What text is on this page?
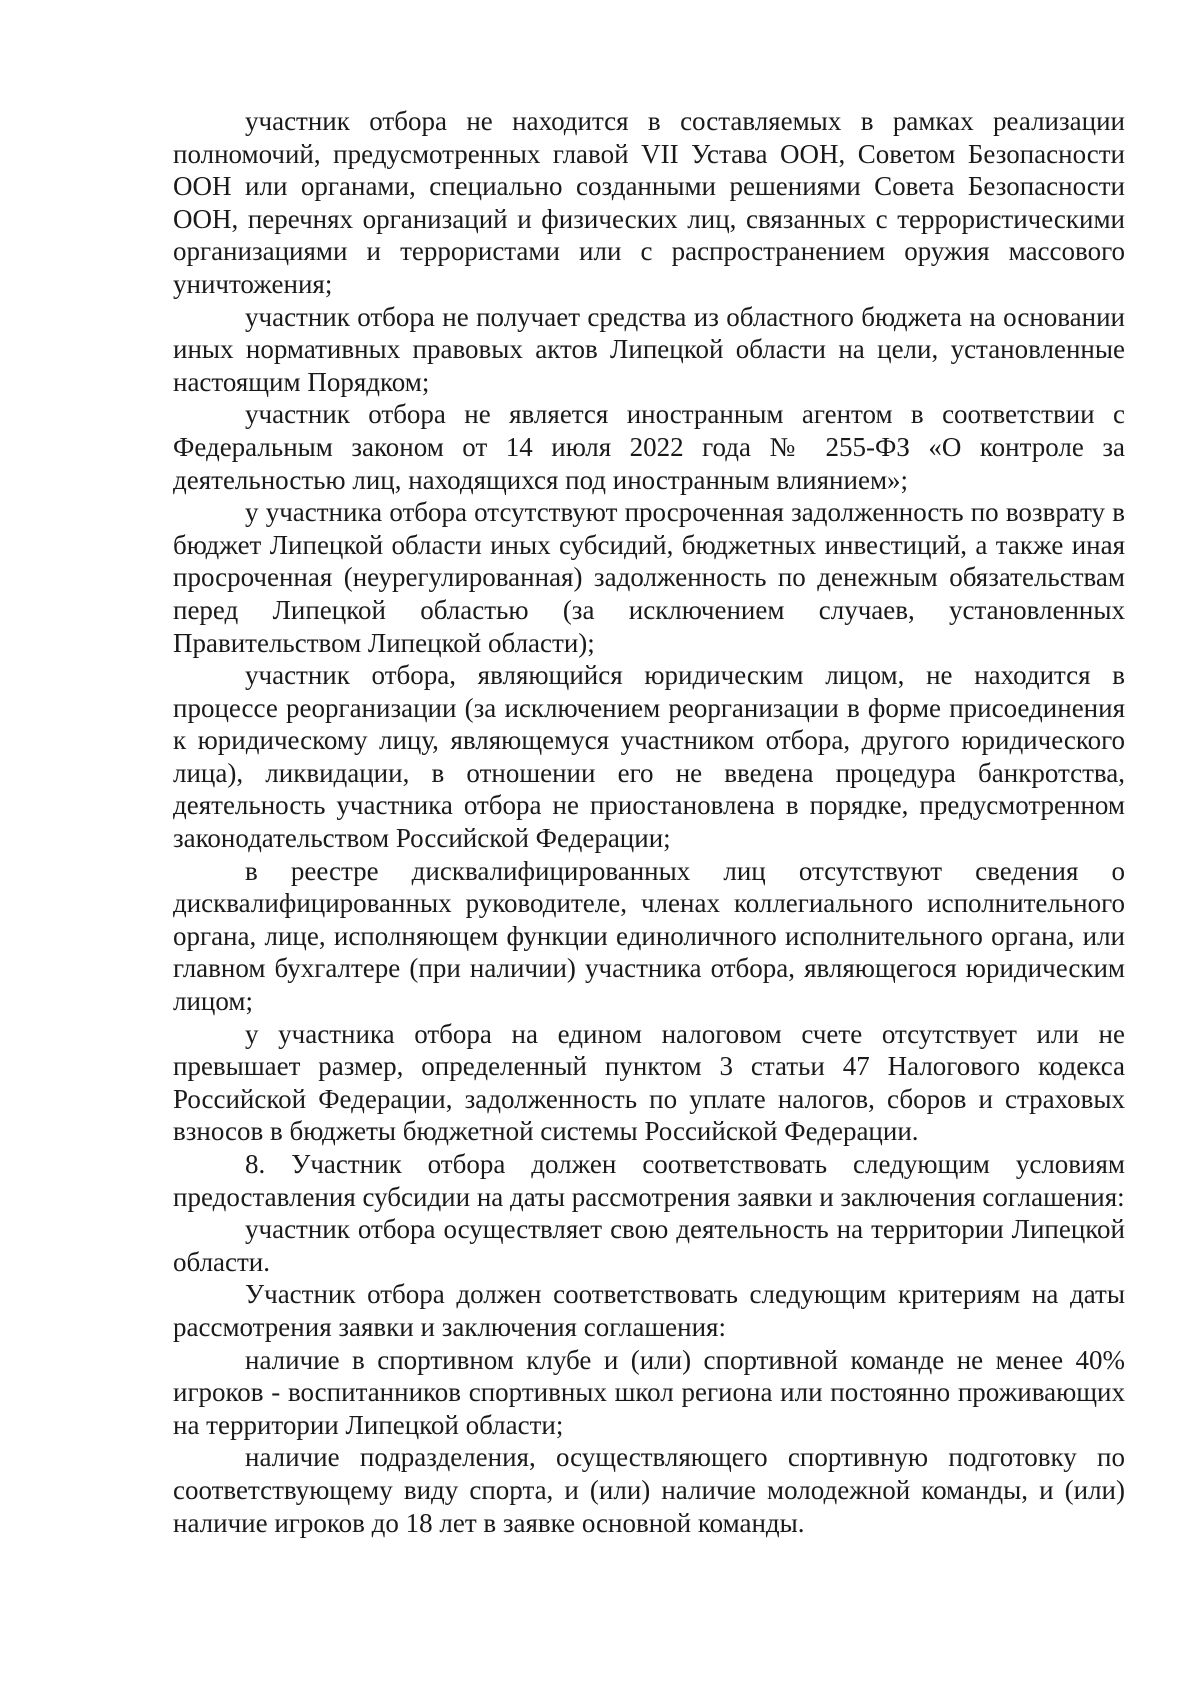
участник отбора не находится в составляемых в рамках реализации полномочий, предусмотренных главой VII Устава ООН, Советом Безопасности ООН или органами, специально созданными решениями Совета Безопасности ООН, перечнях организаций и физических лиц, связанных с террористическими организациями и террористами или с распространением оружия массового уничтожения;

участник отбора не получает средства из областного бюджета на основании иных нормативных правовых актов Липецкой области на цели, установленные настоящим Порядком;

участник отбора не является иностранным агентом в соответствии с Федеральным законом от 14 июля 2022 года № 255-ФЗ «О контроле за деятельностью лиц, находящихся под иностранным влиянием»;

у участника отбора отсутствуют просроченная задолженность по возврату в бюджет Липецкой области иных субсидий, бюджетных инвестиций, а также иная просроченная (неурегулированная) задолженность по денежным обязательствам перед Липецкой областью (за исключением случаев, установленных Правительством Липецкой области);

участник отбора, являющийся юридическим лицом, не находится в процессе реорганизации (за исключением реорганизации в форме присоединения к юридическому лицу, являющемуся участником отбора, другого юридического лица), ликвидации, в отношении его не введена процедура банкротства, деятельность участника отбора не приостановлена в порядке, предусмотренном законодательством Российской Федерации;

в реестре дисквалифицированных лиц отсутствуют сведения о дисквалифицированных руководителе, членах коллегиального исполнительного органа, лице, исполняющем функции единоличного исполнительного органа, или главном бухгалтере (при наличии) участника отбора, являющегося юридическим лицом;

у участника отбора на едином налоговом счете отсутствует или не превышает размер, определенный пунктом 3 статьи 47 Налогового кодекса Российской Федерации, задолженность по уплате налогов, сборов и страховых взносов в бюджеты бюджетной системы Российской Федерации.

8. Участник отбора должен соответствовать следующим условиям предоставления субсидии на даты рассмотрения заявки и заключения соглашения:

участник отбора осуществляет свою деятельность на территории Липецкой области.

Участник отбора должен соответствовать следующим критериям на даты рассмотрения заявки и заключения соглашения:

наличие в спортивном клубе и (или) спортивной команде не менее 40% игроков - воспитанников спортивных школ региона или постоянно проживающих на территории Липецкой области;

наличие подразделения, осуществляющего спортивную подготовку по соответствующему виду спорта, и (или) наличие молодежной команды, и (или) наличие игроков до 18 лет в заявке основной команды.
